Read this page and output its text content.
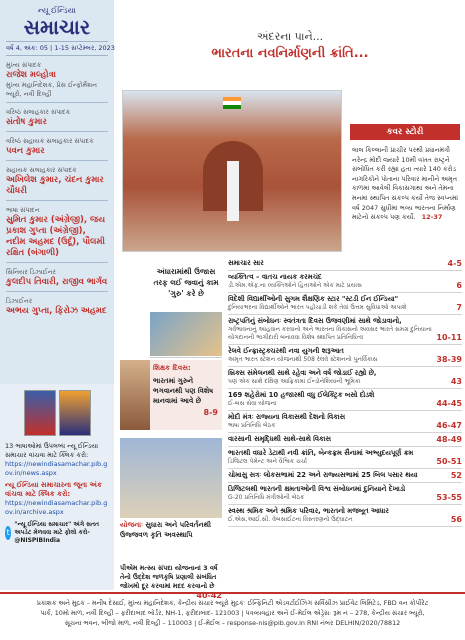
ન્યૂ ઈન્ડિયા
સમાચાર
વર્ષ 4, અંક: 05 | 1-15 સપ્ટેમ્બર, 2023
મુખ્ય સંપાદક
રાજેશ મલ્હોત્રા
મુખ્ય મહાનિદેશક, પ્રેસ ઈન્ફોર્મેશન બ્યૂરો, નવી દિલ્હી
વરિષ્ઠ સલાહકાર સંપાદક
સંતોષ કુમાર
વરિષ્ઠ સહાયક સલાહકાર સંપાદક
પવન કુમાર
સહાયક સલાહકાર સંપાદક
અખિલેશ કુમાર, ચંદન કુમાર ચૌધરી
ભાષા સંપાદન
સુમિત કુમાર (અંગ્રેજી), જય પ્રકાશ ગુપ્તા (અંગ્રેજી), નદીમ અહમદ (ઉર્દૂ), પૌલમી રક્ષિત (બંગાળી)
સિનિયર ડિઝાઈનર
કુલદીપ તિવારી, રાજીવ ભાર્ગવ
ડિઝાઈનર
અભય ગુપ્તા, ફિરોઝ અહમદ
13 ભાષાઓમાં ઉપલબ્ધ ન્યૂ ઈન્ડિયા સમાચાર વાંચવા માટે ક્લિક કરો:
https://newindiasamachar.pib.gov.in/news.aspx
ન્યૂ ઈન્ડિયા સમાચારના જૂના અંક વાંચવા માટે ક્લિક કરો:
https://newindiasamachar.pib.gov.in/archive.aspx
t
"ન્યૂ ઈન્ડિયા સમાચાર" અંગે સતત અપડેટ મેળવવા માટે ફોલો કરો- @NISPIBIndia
અંદરના પાને...
ભારતના નવનિર્માણની ક્રાંતિ...
કવર સ્ટોરી
લાલ કિલ્લાની પ્રાચીર પરથી પ્રધાનમંત્રી નરેન્દ્ર મોદી જ્યારે 10મી વખત રાષ્ટ્રને સંબોધિત કરી રહ્યા હતા ત્યારે 140 કરોડ નાગરિકોને પોતાના પરિવાર માનીને અમૃત કાળમાં આવેલી વિકાસગાથા અને તેમના મનમાં સ્થાપિત સંકલ્પ કર્યો તેજ સ્વપ્નમાં વર્ષ 2047 સુધીમાં ભવ્ય ભારતના નિર્માણ માટેનો સંકલ્પ પણ કર્યો. 12-37
અંધારામાંથી ઉજાસ તરફ લઈ જવાનું કામ 'ગુરુ' કરે છે
શિક્ષક દિવસ:
ભારતમાં ગુરુને ભગવાનથી પણ વિશેષ માનવામાં આવે છે
8-9
યોજનાઃ સુધારા અને પરિવર્તનથી ઉજ્જવળ કૃતિ અવસ્થાપિ
પીએમ મત્સ્ય સંપદા યોજનાનાં 3 વર્ષ તેનો ઉદ્દેશ જળકૃષિ પ્રણાલી સંબંધિત જોખમો દૂર કરવામાં મદદ કરવાનો છે
40-42
સમાચાર સાર	4-5
વ્યક્તિત્વ – વાતચ નાયક કરમચંદ
ડી.એમ.એફ.ના વ્યક્તિઓને હિતાઓને એક માટે પ્રયાસ	6
વિદેશી વિદ્યાર્થીઓની સુગમ શૈક્ષણિક સ્ટાર "સ્ટડી ઈન ઈન્ડિયા"
દુનિયાભરના વિદ્યાર્થીઓને ભારત પહોંચાડી શકે તેવાં ઉત્તમ સુવિધાઓ અપાશે	7
રાષ્ટ્રપતિનું સંબોધનઃ સ્વતંત્રતા દિવસ ઉજવણીમાં સાથે જોડાવાનો,
ગર્વભાવનાનું આહવાન કરવાનો અને ભારતના વિકાસનો અવસર ભારતે સમગ્ર દુનિયાના યોગદાનની ભાગીદારી બનાવવા વિશેષ સ્થાપિત પ્રતિનિધિત્વ	10-11
રેલવે ઈન્ફ્રાસ્ટ્રક્ચરથી નવા યુગની શરૂઆત
અમૃત ભારત સ્ટેશન યોજનાથી 508 રેલવે સ્ટેશનનો પુનર્વિકાસ	38-39
બ્રિક્સ સંમેલનથી સાથે રહેવા અને વર્ષ જોડાઈ રહ્યો છે,
પણ એક સાથે દક્ષિણ આફ્રિકામાં ઈન્ડોનેશિયાની ભૂમિકા	43
169 શહેરોમાં 10 હજારથી વધુ ઈલેક્ટ્રિક બસો દોડશે
ઈ-બસ સેવા યોજના	44-45
મોદી મંત્રઃ રાજ્યના વિકાસથી દેશનો વિકાસ
ભાષા પ્રતિનિધિ બેઠક	46-47
વારસાની સમૃદ્ધિથી સાથે-સાથે વિકાસ	48-49
ભારતથી વધારે ડેટાથી નવી ક્રાંતિ, બેન્કફ્રમ સૈનામાં અભ્યુદયપૂર્ણ ક્રમ
ડિજિટલ પેમેન્ટ અને વૈશ્વિક ચર્ચા	50-51
ચોમાસુ સત્રઃ લોકસભામાં 22 અને રાજ્યસભામાં 25 બિલ પસાર થયા	52
ડિજિટલથી ભારતની ક્ષમતાઓની વિશ્વ સંબોધનમાં દુનિયાને દેખાડો
G-20 પ્રતિનિધિ મંત્રીઓની બેઠક	53-55
સ્વસ્થ શ્રમિક અને શ્રમિક પરિવાર, ભારતનો મજબૂત આધાર
ઈ.એસ.આઈ.સી. વેબસાઈટના વિસ્તરણનો ઉદ્ઘાટન	56
પ્રકાશક અને મુદ્રક – મનીષ દેસાઈ, મુખ્ય મહાનિદેશક, કેન્દ્રીય સંચાર બ્યૂરો મુદ્રકઃ ઈન્ફિનિટી એડવર્ટાઈઝિંગ સર્વિસીઝ પ્રાઈવેટ લિમિટેડ, FBD વન કોર્પોરેટ
પાર્ક, 10મો માળ, નવી દિલ્હી – ફરીદાબાદ બોર્ડર, NH-1, ફરીદાબાદ- 121003 | પત્રવ્યવહાર અને ઈ-મેઈલ એડ્રેસઃ રૂમ નં – 278, કેન્દ્રીય સંચાર બ્યૂરો,
સૂચના ભવન, બીજો માળ, નવી દિલ્હી – 110003 | ઈ-મેઈલ – response-nis@pib.gov.in RNI નંબર DELHIN/2020/78812
